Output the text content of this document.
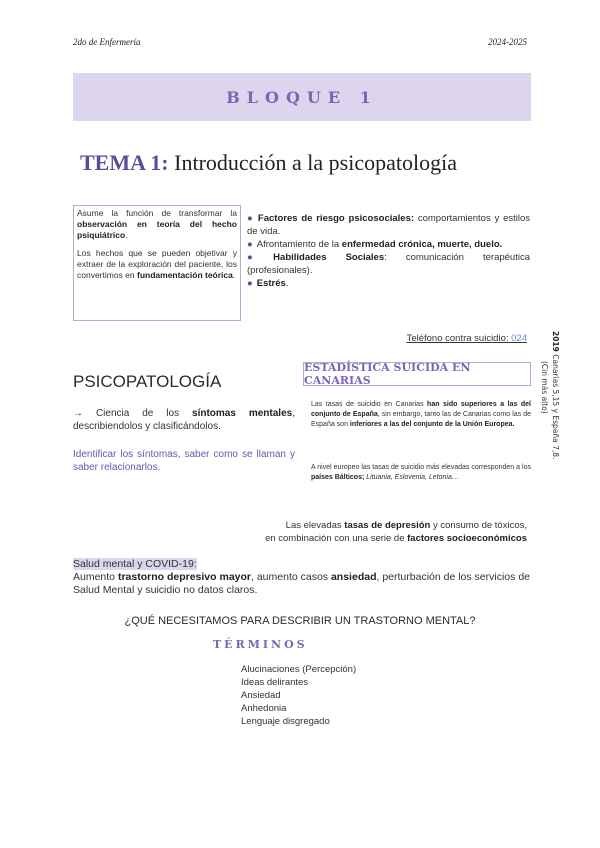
2do de Enfermería	2024-2025
BLOQUE 1
TEMA 1: Introducción a la psicopatología

Asume la función de transformar la observación en teoría del hecho psiquiátrico.

Los hechos que se pueden objetivar y extraer de la exploración del paciente, los convertimos en fundamentación teórica.

● Factores de riesgo psicosociales: comportamientos y estilos de vida.
● Afrontamiento de la enfermedad crónica, muerte, duelo.
● Habilidades Sociales: comunicación terapéutica (profesionales).
● Estrés.
Teléfono contra suicidio: 024
PSICOPATOLOGÍA
→ Ciencia de los síntomas mentales, describiendolos y clasificándolos.
Identificar los síntomas, saber como se llaman y saber relacionarlos.
ESTADÍSTICA SUICIDA EN CANARIAS
Las tasas de suicidio en Canarias han sido superiores a las del conjunto de España, sin embargo, tanto las de Canarias como las de España son inferiores a las del conjunto de la Unión Europea.
A nivel europeo las tasas de suicidio más elevadas corresponden a los países Bálticos; Lituania, Eslovenia, Letonia…
2019 Canarias 5,15 y España 7,8.
(Cin más alto)
Las elevadas tasas de depresión y consumo de tóxicos,
en combinación con una serie de factores socioeconómicos
Salud mental y COVID-19:
Aumento trastorno depresivo mayor, aumento casos ansiedad, perturbación de los servicios de Salud Mental y suicidio no datos claros.
¿QUÉ NECESITAMOS PARA DESCRIBIR UN TRASTORNO MENTAL?
TÉRMINOS
Alucinaciones (Percepción)
Ideas delirantes
Ansiedad
Anhedonia
Lenguaje disgregado
